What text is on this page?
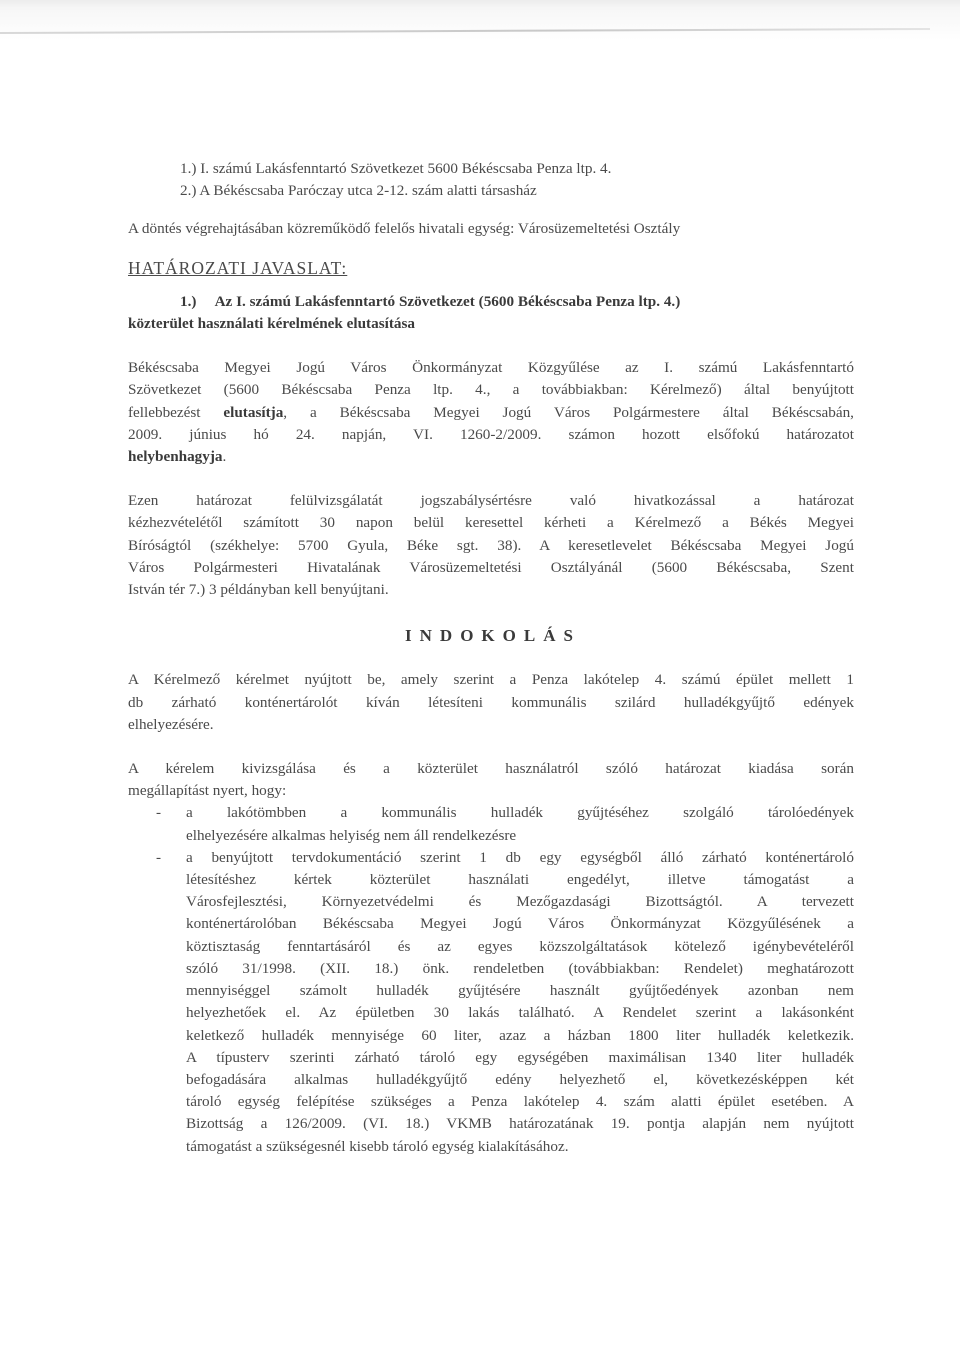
1.) I. számú Lakásfenntartó Szövetkezet 5600 Békéscsaba Penza ltp. 4.
2.) A Békéscsaba Paróczay utca 2-12. szám alatti társasház
A döntés végrehajtásában közreműködő felelős hivatali egység: Városüzemeltetési Osztály
HATÁROZATI JAVASLAT:
1.)     Az I. számú Lakásfenntartó Szövetkezet (5600 Békéscsaba Penza ltp. 4.)
közterület használati kérelmének elutasítása
Békéscsaba Megyei Jogú Város Önkormányzat Közgyűlése az I. számú Lakásfenntartó
Szövetkezet (5600 Békéscsaba Penza ltp. 4., a továbbiakban: Kérelmező) által benyújtott
fellebbezést elutasítja, a Békéscsaba Megyei Jogú Város Polgármestere által Békéscsabán,
2009. június hó 24. napján, VI. 1260-2/2009. számon hozott elsőfokú határozatot
helybenhagyja.
Ezen határozat felülvizsgálatát jogszabálysértésre való hivatkozással a határozat
kézhezvételétől számított 30 napon belül keresettel kérheti a Kérelmező a Békés Megyei
Bíróságtól (székhelye: 5700 Gyula, Béke sgt. 38). A keresetlevelet Békéscsaba Megyei Jogú
Város Polgármesteri Hivatalának Városüzemeltetési Osztályánál (5600 Békéscsaba, Szent
István tér 7.) 3 példányban kell benyújtani.
INDOKOLÁS
A Kérelmező kérelmet nyújtott be, amely szerint a Penza lakótelep 4. számú épület mellett 1
db zárható konténertárolót kíván létesíteni kommunális szilárd hulladékgyűjtő edények
elhelyezésére.
A kérelem kivizsgálása és a közterület használatról szóló határozat kiadása során
megállapítást nyert, hogy:
- a lakótömbben a kommunális hulladék gyűjtéséhez szolgáló tárolóedények
elhelyezésére alkalmas helyiség nem áll rendelkezésre
- a benyújtott tervdokumentáció szerint 1 db egy egységből álló zárható konténertároló
létesítéshez kértek közterület használati engedélyt, illetve támogatást a
Városfejlesztési, Környezetvédelmi és Mezőgazdasági Bizottságtól. A tervezett
konténertárolóban Békéscsaba Megyei Jogú Város Önkormányzat Közgyűlésének a
köztisztaság fenntartásáról és az egyes közszolgáltatások kötelező igénybevételéről
szóló 31/1998. (XII. 18.) önk. rendeletben (továbbiakban: Rendelet) meghatározott
mennyiséggel számolt hulladék gyűjtésére használt gyűjtőedények azonban nem
helyezhetőek el. Az épületben 30 lakás található. A Rendelet szerint a lakásonként
keletkező hulladék mennyisége 60 liter, azaz a házban 1800 liter hulladék keletkezik.
A típusterv szerinti zárható tároló egy egységében maximálisan 1340 liter hulladék
befogadására alkalmas hulladékgyűjtő edény helyezhető el, következésképpen két
tároló egység felépítése szükséges a Penza lakótelep 4. szám alatti épület esetében. A
Bizottság a 126/2009. (VI. 18.) VKMB határozatának 19. pontja alapján nem nyújtott
támogatást a szükségesnél kisebb tároló egység kialakításához.
